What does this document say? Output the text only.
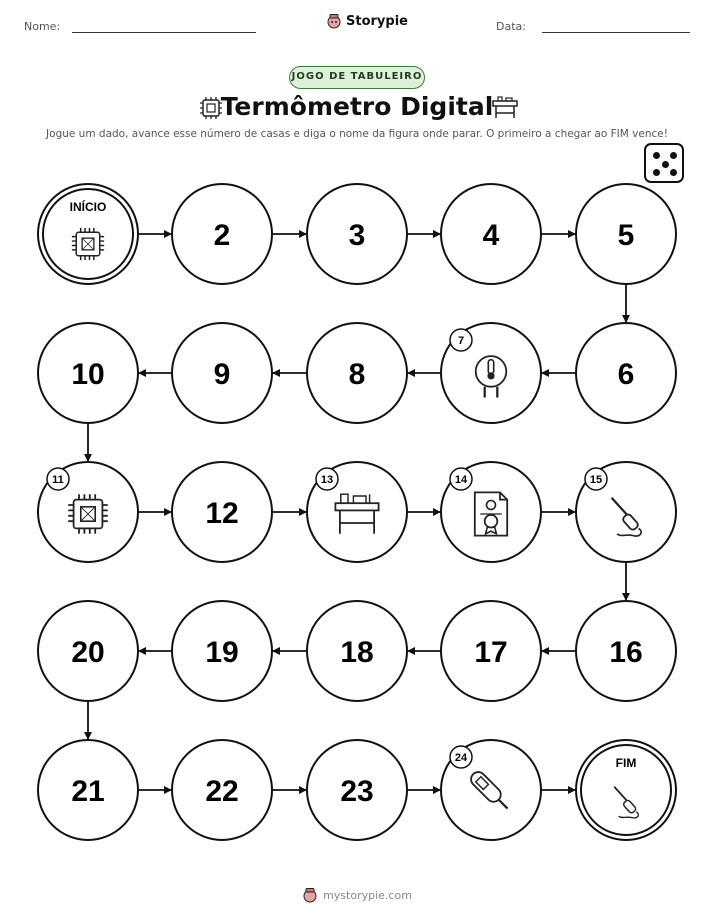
Nome:	Storypie	Data:
JOGO DE TABULEIRO
Termômetro Digital
Jogue um dado, avance esse número de casas e diga o nome da figura onde parar. O primeiro a chegar ao FIM vence!
INÍCIO
2	3	4	5
6
7
8
9
10
11
12
13	14	15
16
17
18
19
20
21	22	23
24	FIM
mystorypie.com
